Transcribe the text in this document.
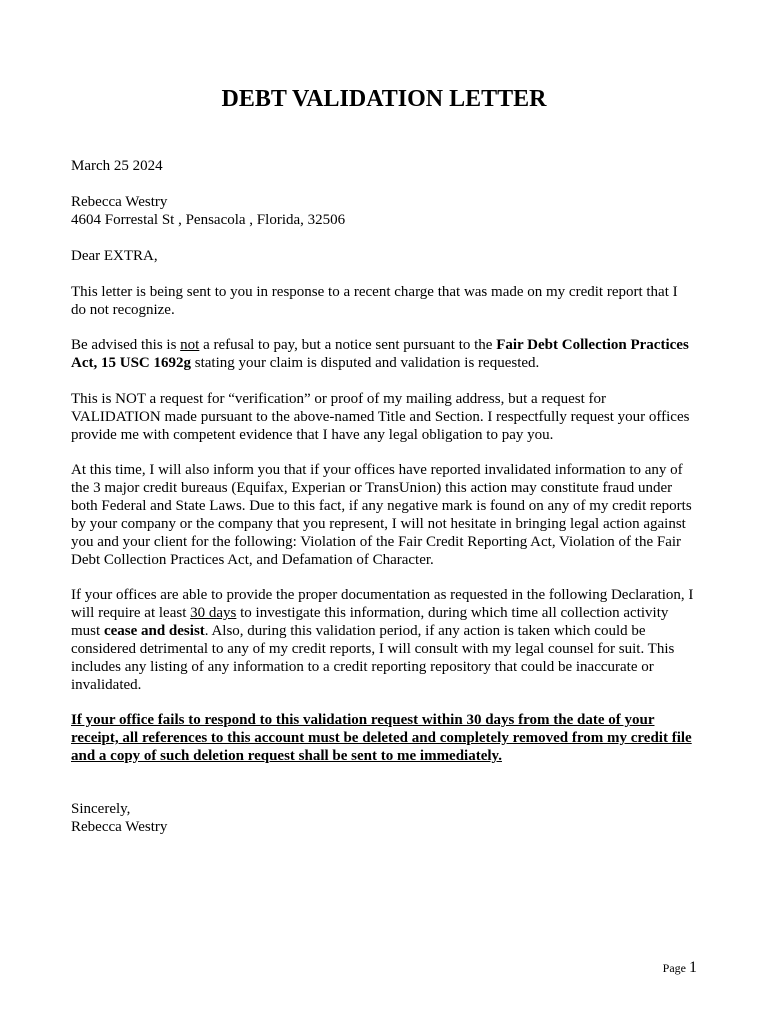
DEBT VALIDATION LETTER

March 25 2024

Rebecca Westry
4604 Forrestal St , Pensacola , Florida, 32506

Dear EXTRA,

This letter is being sent to you in response to a recent charge that was made on my credit report that I
do not recognize.

Be advised this is not a refusal to pay, but a notice sent pursuant to the Fair Debt Collection Practices
Act, 15 USC 1692g stating your claim is disputed and validation is requested.

This is NOT a request for “verification” or proof of my mailing address, but a request for
VALIDATION made pursuant to the above-named Title and Section. I respectfully request your offices
provide me with competent evidence that I have any legal obligation to pay you.

At this time, I will also inform you that if your offices have reported invalidated information to any of
the 3 major credit bureaus (Equifax, Experian or TransUnion) this action may constitute fraud under
both Federal and State Laws. Due to this fact, if any negative mark is found on any of my credit reports
by your company or the company that you represent, I will not hesitate in bringing legal action against
you and your client for the following: Violation of the Fair Credit Reporting Act, Violation of the Fair
Debt Collection Practices Act, and Defamation of Character.

If your offices are able to provide the proper documentation as requested in the following Declaration, I
will require at least 30 days to investigate this information, during which time all collection activity
must cease and desist. Also, during this validation period, if any action is taken which could be
considered detrimental to any of my credit reports, I will consult with my legal counsel for suit. This
includes any listing of any information to a credit reporting repository that could be inaccurate or
invalidated.

If your office fails to respond to this validation request within 30 days from the date of your
receipt, all references to this account must be deleted and completely removed from my credit file
and a copy of such deletion request shall be sent to me immediately.

Sincerely,
Rebecca Westry

Page 1
